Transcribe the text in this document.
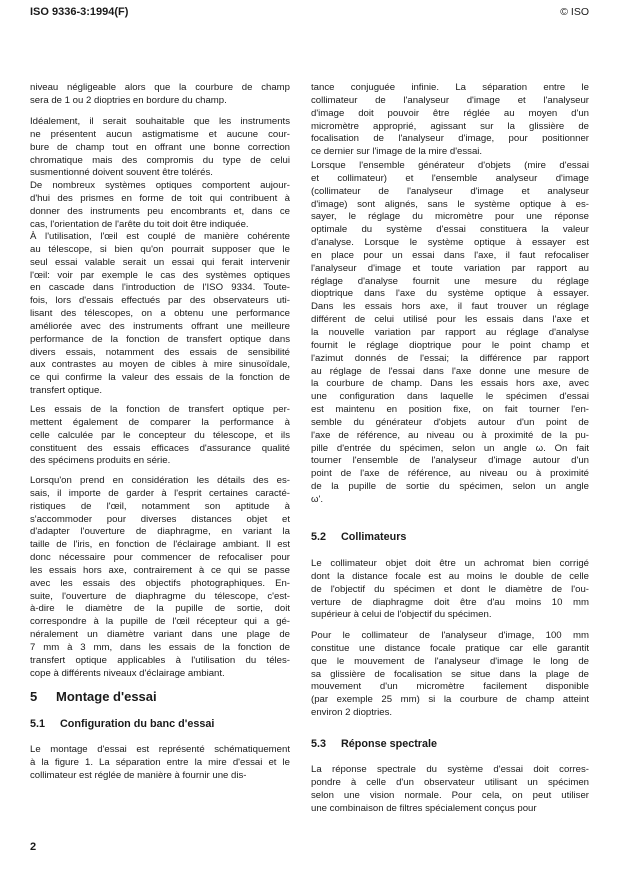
ISO 9336-3:1994(F)	© ISO
niveau négligeable alors que la courbure de champ
sera de 1 ou 2 dioptries en bordure du champ.
Idéalement, il serait souhaitable que les instruments
ne présentent aucun astigmatisme et aucune cour-
bure de champ tout en offrant une bonne correction
chromatique mais des compromis du type de celui
susmentionné doivent souvent être tolérés.
De nombreux systèmes optiques comportent aujour-
d'hui des prismes en forme de toit qui contribuent à
donner des instruments peu encombrants et, dans ce
cas, l'orientation de l'arête du toit doit être indiquée.
À l'utilisation, l'œil est couplé de manière cohérente
au télescope, si bien qu'on pourrait supposer que le
seul essai valable serait un essai qui ferait intervenir
l'œil: voir par exemple le cas des systèmes optiques
en cascade dans l'introduction de l'ISO 9334. Toute-
fois, lors d'essais effectués par des observateurs uti-
lisant des télescopes, on a obtenu une performance
améliorée avec des instruments offrant une meilleure
performance de la fonction de transfert optique dans
divers essais, notamment des essais de sensibilité
aux contrastes au moyen de cibles à mire sinusoïdale,
ce qui confirme la valeur des essais de la fonction de
transfert optique.
Les essais de la fonction de transfert optique per-
mettent également de comparer la performance à
celle calculée par le concepteur du télescope, et ils
constituent des essais efficaces d'assurance qualité
des spécimens produits en série.
Lorsqu'on prend en considération les détails des es-
sais, il importe de garder à l'esprit certaines caracté-
ristiques de l'œil, notamment son aptitude à
s'accommoder pour diverses distances objet et
d'adapter l'ouverture de diaphragme, en variant la
taille de l'iris, en fonction de l'éclairage ambiant. Il est
donc nécessaire pour commencer de refocaliser pour
les essais hors axe, contrairement à ce qui se passe
avec les essais des objectifs photographiques. En-
suite, l'ouverture de diaphragme du télescope, c'est-
à-dire le diamètre de la pupille de sortie, doit
correspondre à la pupille de l'œil récepteur qui a gé-
néralement un diamètre variant dans une plage de
7 mm à 3 mm, dans les essais de la fonction de
transfert optique applicables à l'utilisation du téles-
cope à différents niveaux d'éclairage ambiant.
5 Montage d'essai
5.1 Configuration du banc d'essai
Le montage d'essai est représenté schématiquement
à la figure 1. La séparation entre la mire d'essai et le
collimateur est réglée de manière à fournir une dis-
tance conjuguée infinie. La séparation entre le
collimateur de l'analyseur d'image et l'analyseur
d'image doit pouvoir être réglée au moyen d'un
micromètre approprié, agissant sur la glissière de
focalisation de l'analyseur d'image, pour positionner
ce dernier sur l'image de la mire d'essai.
Lorsque l'ensemble générateur d'objets (mire d'essai
et collimateur) et l'ensemble analyseur d'image
(collimateur de l'analyseur d'image et analyseur
d'image) sont alignés, sans le système optique à es-
sayer, le réglage du micromètre pour une réponse
optimale du système d'essai constituera la valeur
d'analyse. Lorsque le système optique à essayer est
en place pour un essai dans l'axe, il faut refocaliser
l'analyseur d'image et toute variation par rapport au
réglage d'analyse fournit une mesure du réglage
dioptrique dans l'axe du système optique à essayer.
Dans les essais hors axe, il faut trouver un réglage
différent de celui utilisé pour les essais dans l'axe et
la nouvelle variation par rapport au réglage d'analyse
fournit le réglage dioptrique pour le point champ et
l'azimut donnés de l'essai; la différence par rapport
au réglage de l'essai dans l'axe donne une mesure de
la courbure de champ. Dans les essais hors axe, avec
une configuration dans laquelle le spécimen d'essai
est maintenu en position fixe, on fait tourner l'en-
semble du générateur d'objets autour d'un point de
l'axe de référence, au niveau ou à proximité de la pu-
pille d'entrée du spécimen, selon un angle ω. On fait
tourner l'ensemble de l'analyseur d'image autour d'un
point de l'axe de référence, au niveau ou à proximité
de la pupille de sortie du spécimen, selon un angle
ω'.
5.2 Collimateurs
Le collimateur objet doit être un achromat bien corrigé
dont la distance focale est au moins le double de celle
de l'objectif du spécimen et dont le diamètre de l'ou-
verture de diaphragme doit être d'au moins 10 mm
supérieur à celui de l'objectif du spécimen.
Pour le collimateur de l'analyseur d'image, 100 mm
constitue une distance focale pratique car elle garantit
que le mouvement de l'analyseur d'image le long de
sa glissière de focalisation se situe dans la plage de
mouvement d'un micromètre facilement disponible
(par exemple 25 mm) si la courbure de champ atteint
environ 2 dioptries.
5.3 Réponse spectrale
La réponse spectrale du système d'essai doit corres-
pondre à celle d'un observateur utilisant un spécimen
selon une vision normale. Pour cela, on peut utiliser
une combinaison de filtres spécialement conçus pour
2
